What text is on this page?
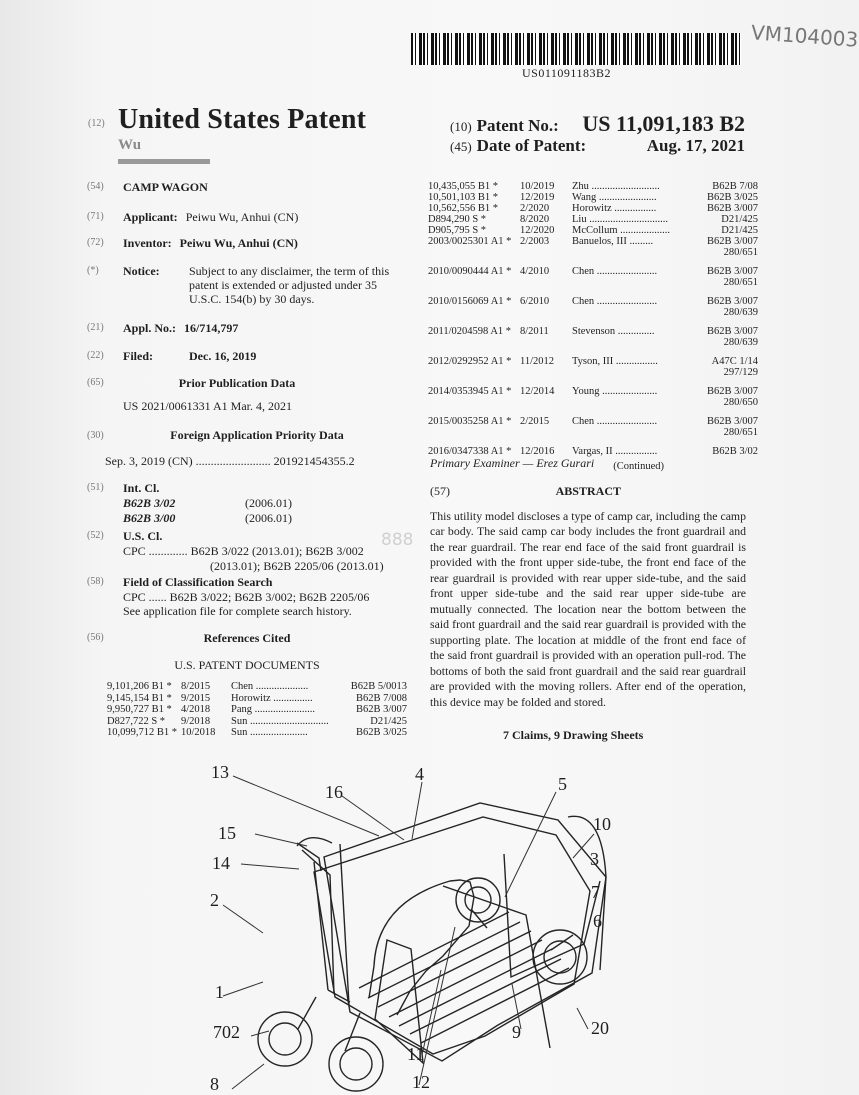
US011091183B2
VM104003
(12) United States Patent
Wu
(10) Patent No.: US 11,091,183 B2
(45) Date of Patent:	Aug. 17, 2021
(54)	CAMP WAGON
(71)	Applicant: Peiwu Wu, Anhui (CN)
(72)	Inventor: Peiwu Wu, Anhui (CN)
(*)	Notice:	Subject to any disclaimer, the term of this patent is extended or adjusted under 35 U.S.C. 154(b) by 30 days.
(21)	Appl. No.: 16/714,797
(22)	Filed:	Dec. 16, 2019
(65)	Prior Publication Data
US 2021/0061331 A1 Mar. 4, 2021
(30)	Foreign Application Priority Data
Sep. 3, 2019 (CN) ......................... 201921454355.2
(51)	Int. Cl.
B62B 3/02	(2006.01)
B62B 3/00	(2006.01)
(52)	U.S. Cl.
CPC ............. B62B 3/022 (2013.01); B62B 3/002
(2013.01); B62B 2205/06 (2013.01)
(58)	Field of Classification Search
CPC ...... B62B 3/022; B62B 3/002; B62B 2205/06
See application file for complete search history.
(56)	References Cited
U.S. PATENT DOCUMENTS
9,101,206 B1 * 8/2015	Chen ....................	B62B 5/0013
9,145,154 B1 * 9/2015	Horowitz ...............	B62B 7/008
9,950,727 B1 * 4/2018	Pang .......................	B62B 3/007
D827,722 S *	9/2018	Sun ..............................	D21/425
10,099,712 B1 * 10/2018	Sun ......................	B62B 3/025
10,435,055 B1 *	10/2019	Zhu ..........................	B62B 7/08
10,501,103 B1 *	12/2019	Wang ......................	B62B 3/025
10,562,556 B1 *	2/2020	Horowitz ................	B62B 3/007
D894,290 S *	8/2020	Liu ..............................	D21/425
D905,795 S *	12/2020	McCollum ...................	D21/425
2003/0025301 A1 * 2/2003	Banuelos, III .........	B62B 3/007
280/651
2010/0090444 A1 * 4/2010	Chen .......................	B62B 3/007
280/651
2010/0156069 A1 * 6/2010	Chen .......................	B62B 3/007
280/639
2011/0204598 A1 * 8/2011	Stevenson ..............	B62B 3/007
280/639
2012/0292952 A1 * 11/2012	Tyson, III ................	A47C 1/14
297/129
2014/0353945 A1 * 12/2014	Young .....................	B62B 3/007
280/650
2015/0035258 A1 * 2/2015	Chen .......................	B62B 3/007
280/651
2016/0347338 A1 * 12/2016	Vargas, II ................	B62B 3/02
(Continued)
Primary Examiner — Erez Gurari
(57)	ABSTRACT
This utility model discloses a type of camp car, including the camp car body. The said camp car body includes the front guardrail and the rear guardrail. The rear end face of the said front guardrail is provided with the front upper side-tube, the front end face of the rear guardrail is provided with rear upper side-tube, and the said front upper side-tube and the said rear upper side-tube are mutually connected. The location near the bottom between the said front guardrail and the said rear guardrail is provided with the supporting plate. The location at middle of the front end face of the said front guardrail is provided with an operation pull-rod. The bottoms of both the said front guardrail and the said rear guardrail are provided with the moving rollers. After end of the operation, this device may be folded and stored.
7 Claims, 9 Drawing Sheets
888
13
16
4	5
10
15
14	3
2	7
6
1
702	20
9
11
8	12
